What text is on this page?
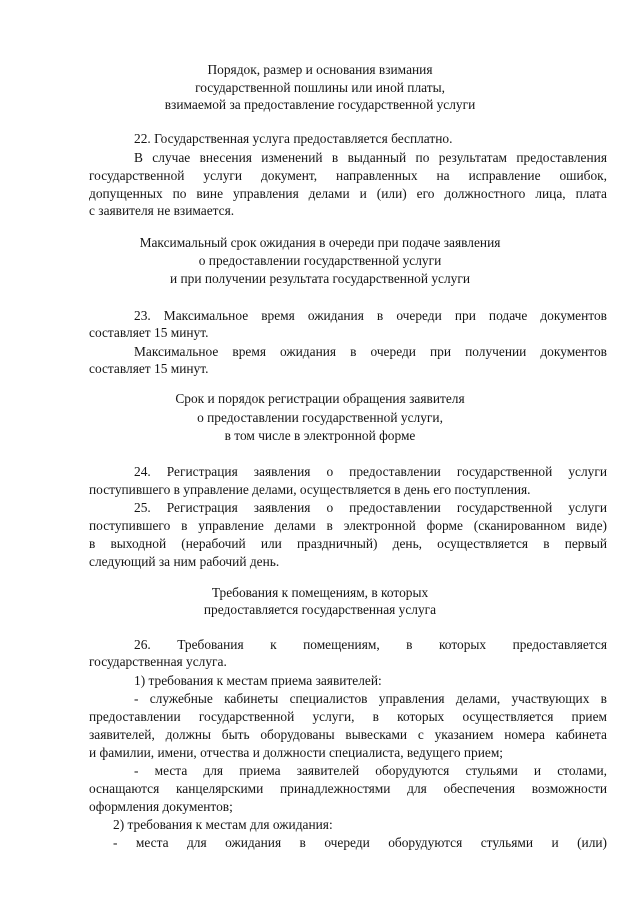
Порядок, размер и основания взимания
государственной пошлины или иной платы,
взимаемой за предоставление государственной услуги
22. Государственная услуга предоставляется бесплатно.
В случае внесения изменений в выданный по результатам предоставления
государственной услуги документ, направленных на исправление ошибок,
допущенных по вине управления делами и (или) его должностного лица, плата
с заявителя не взимается.
Максимальный срок ожидания в очереди при подаче заявления
о предоставлении государственной услуги
и при получении результата государственной услуги
23. Максимальное время ожидания в очереди при подаче документов
составляет 15 минут.
Максимальное время ожидания в очереди при получении документов
составляет 15 минут.
Срок и порядок регистрации обращения заявителя
о предоставлении государственной услуги,
в том числе в электронной форме
24. Регистрация заявления о предоставлении государственной услуги
поступившего в управление делами, осуществляется в день его поступления.
25. Регистрация заявления о предоставлении государственной услуги
поступившего в управление делами в электронной форме (сканированном виде)
в выходной (нерабочий или праздничный) день, осуществляется в первый
следующий за ним рабочий день.
Требования к помещениям, в которых
предоставляется государственная услуга
26. Требования к помещениям, в которых предоставляется
государственная услуга.
1) требования к местам приема заявителей:
- служебные кабинеты специалистов управления делами, участвующих в
предоставлении государственной услуги, в которых осуществляется прием
заявителей, должны быть оборудованы вывесками с указанием номера кабинета
и фамилии, имени, отчества и должности специалиста, ведущего прием;
- места для приема заявителей оборудуются стульями и столами,
оснащаются канцелярскими принадлежностями для обеспечения возможности
оформления документов;
2) требования к местам для ожидания:
- места для ожидания в очереди оборудуются стульями и (или)
